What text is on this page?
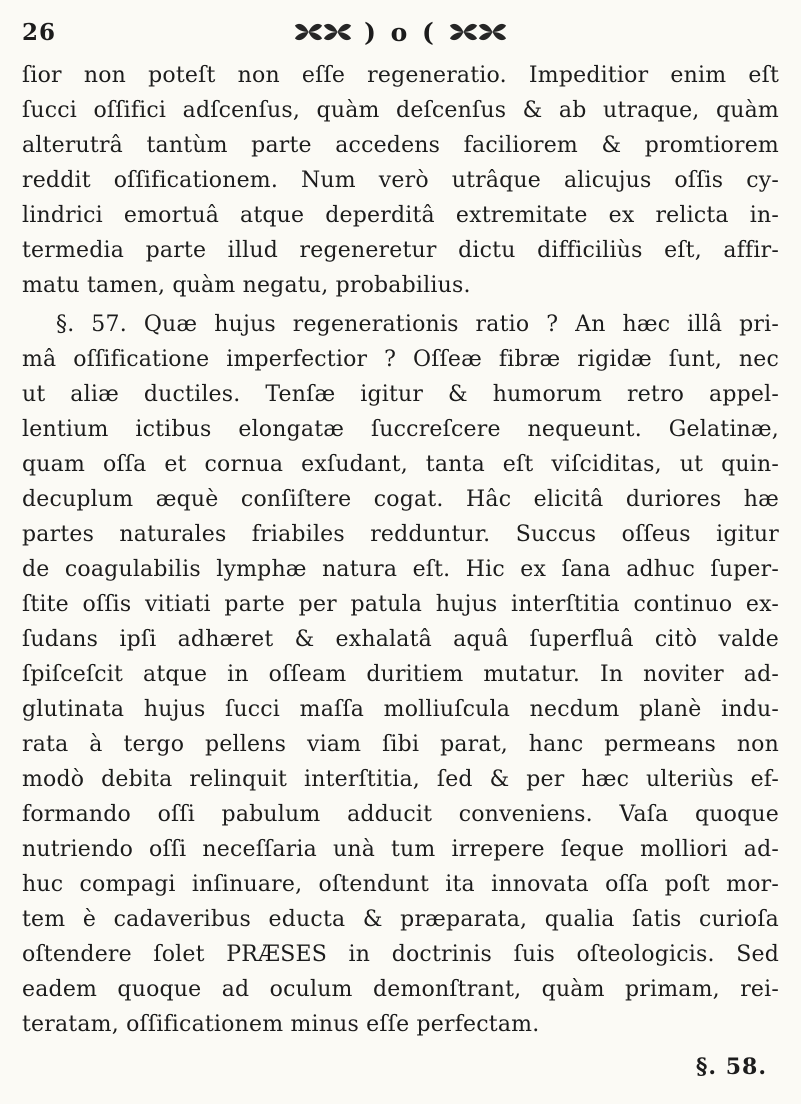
26	) o (
ſior non poteſt non eſſe regeneratio. Impeditior enim eſt
ſucci oſſifici adſcenſus, quàm deſcenſus & ab utraque, quàm
alterutrâ tantùm parte accedens faciliorem & promtiorem
reddit oſſificationem. Num verò utrâque alicujus oſſis cy-
lindrici emortuâ atque deperditâ extremitate ex relicta in-
termedia parte illud regeneretur dictu difficiliùs eſt, affir-
matu tamen, quàm negatu, probabilius.
§. 57. Quæ hujus regenerationis ratio ? An hæc illâ pri-
mâ oſſificatione imperfectior ? Oſſeæ fibræ rigidæ ſunt, nec
ut aliæ ductiles. Tenſæ igitur & humorum retro appel-
lentium ictibus elongatæ ſuccreſcere nequeunt. Gelatinæ,
quam oſſa et cornua exſudant, tanta eſt viſciditas, ut quin-
decuplum æquè conſiſtere cogat. Hâc elicitâ duriores hæ
partes naturales friabiles redduntur. Succus oſſeus igitur
de coagulabilis lymphæ natura eſt. Hic ex ſana adhuc ſuper-
ſtite oſſis vitiati parte per patula hujus interſtitia continuo ex-
ſudans ipſi adhæret & exhalatâ aquâ ſuperfluâ citò valde
ſpiſceſcit atque in oſſeam duritiem mutatur. In noviter ad-
glutinata hujus ſucci maſſa molliuſcula necdum planè indu-
rata à tergo pellens viam ſibi parat, hanc permeans non
modò debita relinquit interſtitia, ſed & per hæc ulteriùs ef-
formando oſſi pabulum adducit conveniens. Vaſa quoque
nutriendo oſſi neceſſaria unà tum irrepere ſeque molliori ad-
huc compagi inſinuare, oſtendunt ita innovata oſſa poſt mor-
tem è cadaveribus educta & præparata, qualia ſatis curioſa
oſtendere ſolet PRÆSES in doctrinis ſuis oſteologicis. Sed
eadem quoque ad oculum demonſtrant, quàm primam, rei-
teratam, oſſificationem minus eſſe perfectam.
§. 58.
